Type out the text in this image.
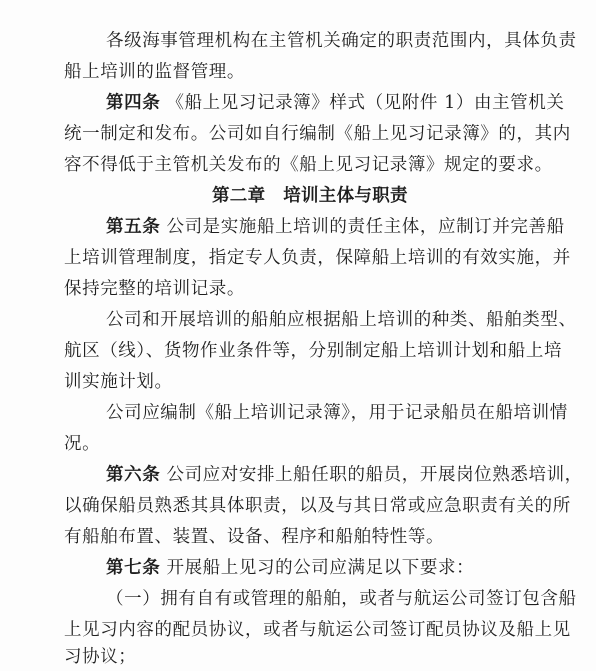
各级海事管理机构在主管机关确定的职责范围内，具体负责
船上培训的监督管理。
第四条 《船上见习记录簿》样式（见附件 1）由主管机关
统一制定和发布。公司如自行编制《船上见习记录簿》的，其内
容不得低于主管机关发布的《船上见习记录簿》规定的要求。
第二章　培训主体与职责
第五条 公司是实施船上培训的责任主体，应制订并完善船
上培训管理制度，指定专人负责，保障船上培训的有效实施，并
保持完整的培训记录。
公司和开展培训的船舶应根据船上培训的种类、船舶类型、
航区（线）、货物作业条件等，分别制定船上培训计划和船上培
训实施计划。
公司应编制《船上培训记录簿》，用于记录船员在船培训情
况。
第六条 公司应对安排上船任职的船员，开展岗位熟悉培训，
以确保船员熟悉其具体职责，以及与其日常或应急职责有关的所
有船舶布置、装置、设备、程序和船舶特性等。
第七条 开展船上见习的公司应满足以下要求：
（一）拥有自有或管理的船舶，或者与航运公司签订包含船
上见习内容的配员协议，或者与航运公司签订配员协议及船上见
习协议；
